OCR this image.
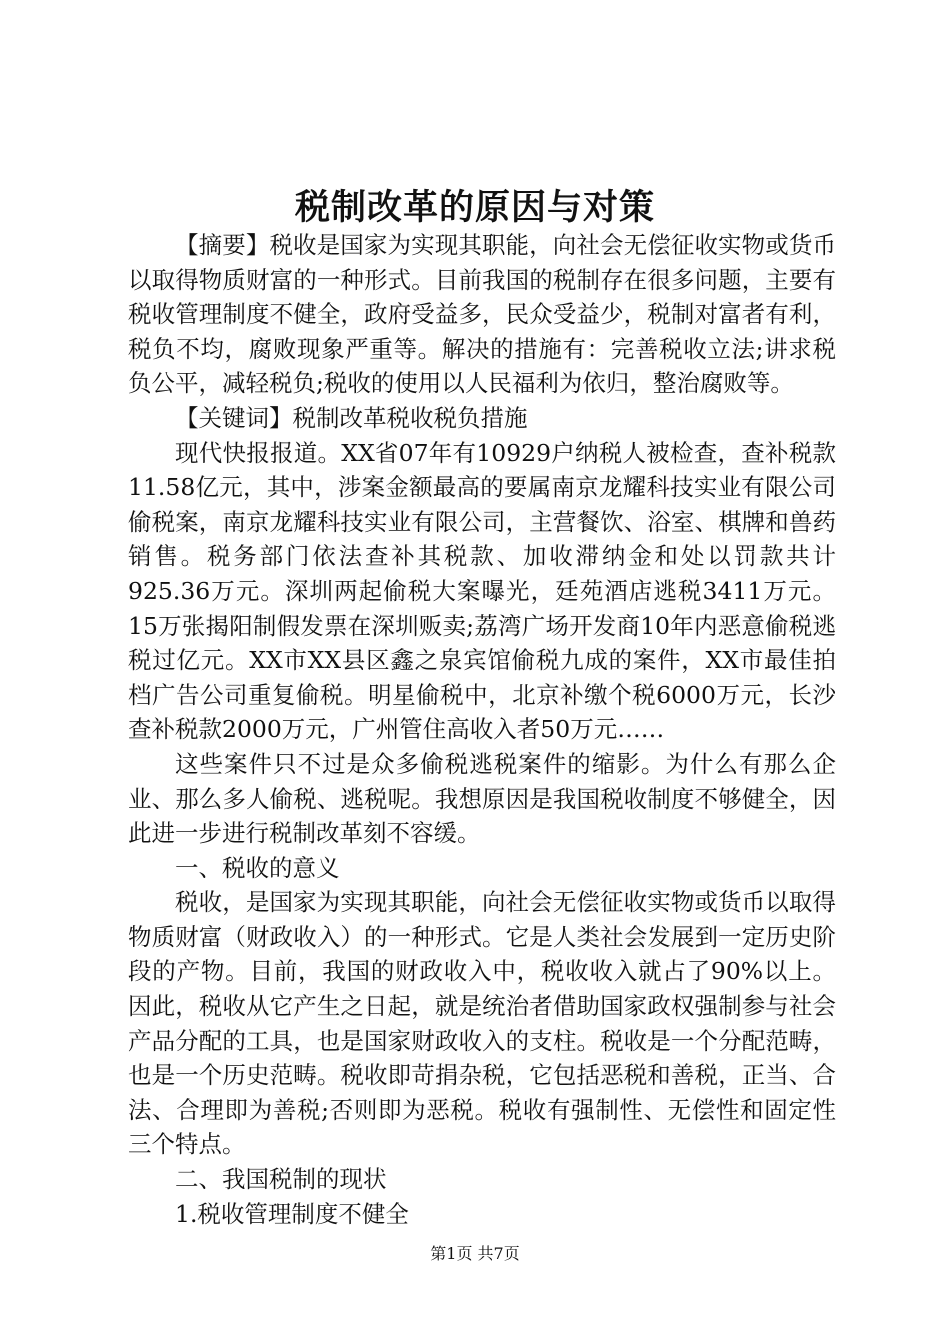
税制改革的原因与对策

【摘要】税收是国家为实现其职能，向社会无偿征收实物或货币以取得物质财富的一种形式。目前我国的税制存在很多问题，主要有税收管理制度不健全，政府受益多，民众受益少，税制对富者有利，税负不均，腐败现象严重等。解决的措施有：完善税收立法;讲求税负公平，减轻税负;税收的使用以人民福利为依归，整治腐败等。

【关键词】税制改革税收税负措施

现代快报报道。XX省07年有10929户纳税人被检查，查补税款11.58亿元，其中，涉案金额最高的要属南京龙耀科技实业有限公司偷税案，南京龙耀科技实业有限公司，主营餐饮、浴室、棋牌和兽药销售。税务部门依法查补其税款、加收滞纳金和处以罚款共计925.36万元。深圳两起偷税大案曝光，廷苑酒店逃税3411万元。15万张揭阳制假发票在深圳贩卖;荔湾广场开发商10年内恶意偷税逃税过亿元。XX市XX县区鑫之泉宾馆偷税九成的案件，XX市最佳拍档广告公司重复偷税。明星偷税中，北京补缴个税6000万元，长沙查补税款2000万元，广州管住高收入者50万元……

这些案件只不过是众多偷税逃税案件的缩影。为什么有那么企业、那么多人偷税、逃税呢。我想原因是我国税收制度不够健全，因此进一步进行税制改革刻不容缓。

一、税收的意义

税收，是国家为实现其职能，向社会无偿征收实物或货币以取得物质财富（财政收入）的一种形式。它是人类社会发展到一定历史阶段的产物。目前，我国的财政收入中，税收收入就占了90%以上。因此，税收从它产生之日起，就是统治者借助国家政权强制参与社会产品分配的工具，也是国家财政收入的支柱。税收是一个分配范畴，也是一个历史范畴。税收即苛捐杂税，它包括恶税和善税，正当、合法、合理即为善税;否则即为恶税。税收有强制性、无偿性和固定性三个特点。

二、我国税制的现状

1.税收管理制度不健全

第1页 共7页
